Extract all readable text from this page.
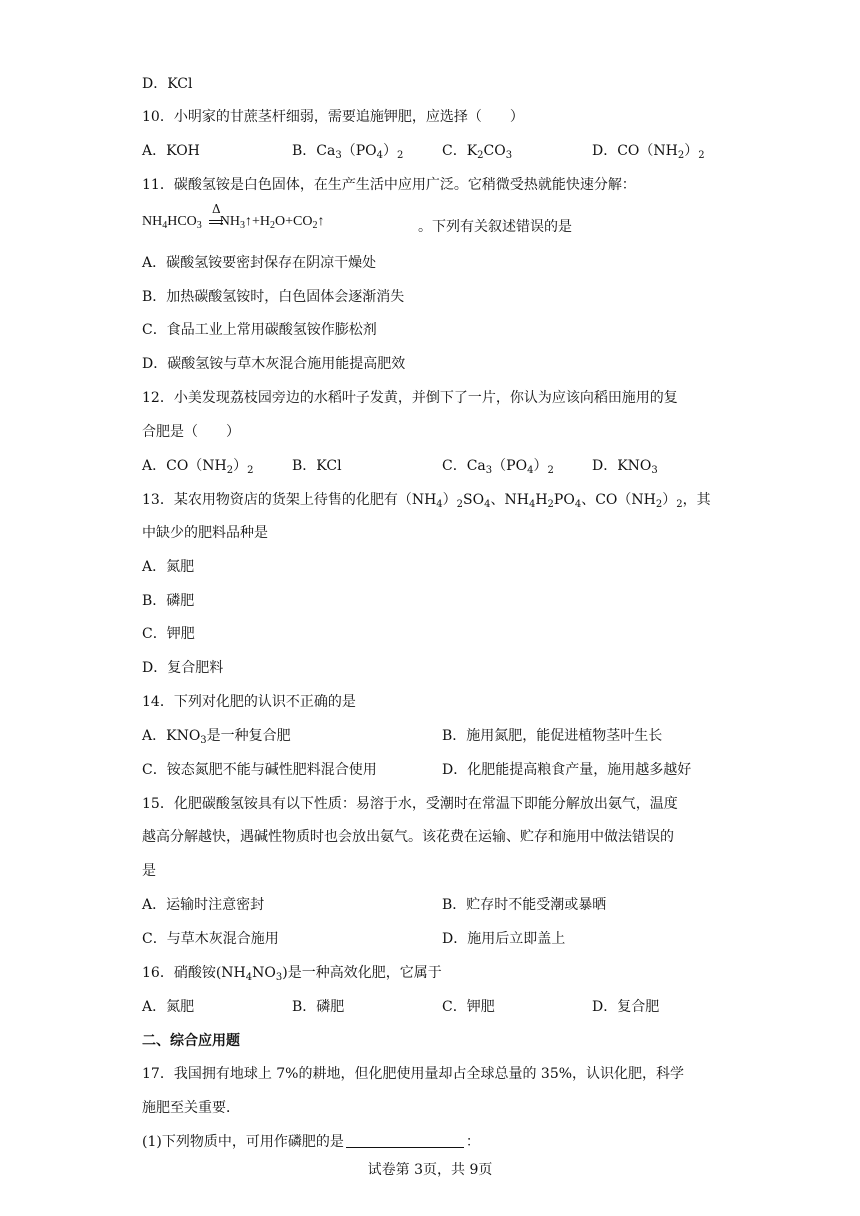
D．KCl
10．小明家的甘蔗茎杆细弱，需要追施钾肥，应选择（　　）
A．KOH	B．$Ca_3(PO_4)_2$	C．$K_2CO_3$	D．$CO(NH_2)_2$
11．碳酸氢铵是白色固体，在生产生活中应用广泛。它稍微受热就能快速分解：
$NH_4HCO_3$ $NH_3↑+H_2O+CO_2↑$
Δ
。下列有关叙述错误的是
A．碳酸氢铵要密封保存在阴凉干燥处
B．加热碳酸氢铵时，白色固体会逐渐消失
C．食品工业上常用碳酸氢铵作膨松剂
D．碳酸氢铵与草木灰混合施用能提高肥效
12．小美发现荔枝园旁边的水稻叶子发黄，并倒下了一片，你认为应该向稻田施用的复
合肥是（　　）
A．$CO(NH_2)_2$	B．KCl	C．$Ca_3(PO_4)_2$	D．$KNO_3$
13．某农用物资店的货架上待售的化肥有$(NH_4)_2SO_4$、$NH_4H_2PO_4$、$CO(NH_2)_2$，其
中缺少的肥料品种是
A．氮肥
B．磷肥
C．钾肥
D．复合肥料
14．下列对化肥的认识不正确的是
A．$KNO_3$是一种复合肥	B．施用氮肥，能促进植物茎叶生长
C．铵态氮肥不能与碱性肥料混合使用	D．化肥能提高粮食产量，施用越多越好
15．化肥碳酸氢铵具有以下性质：易溶于水，受潮时在常温下即能分解放出氨气，温度
越高分解越快，遇碱性物质时也会放出氨气。该花费在运输、贮存和施用中做法错误的
是
A．运输时注意密封	B．贮存时不能受潮或暴晒
C．与草木灰混合施用	D．施用后立即盖上
16．硝酸铵$(NH_4NO_3)$是一种高效化肥，它属于
A．氮肥	B．磷肥	C．钾肥	D．复合肥
二、综合应用题
17．我国拥有地球上 7%的耕地，但化肥使用量却占全球总量的 35%，认识化肥，科学
施肥至关重要．
(1)下列物质中，可用作磷肥的是	：
试卷第 3页，共 9页
